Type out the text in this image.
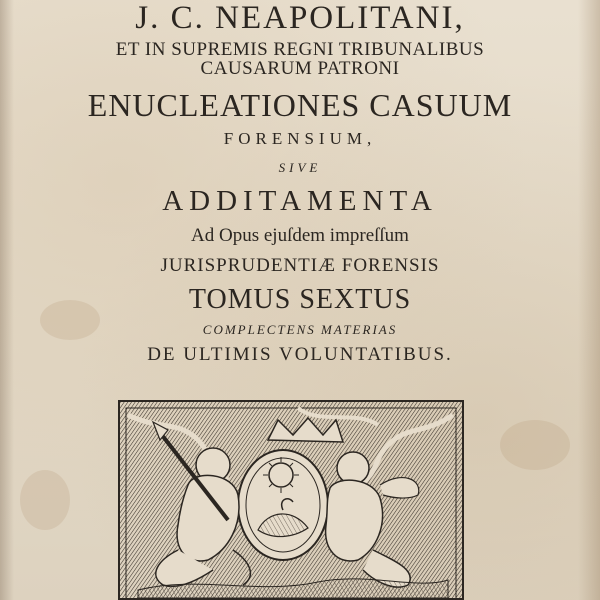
J. C. NEAPOLITANI,
ET IN SUPREMIS REGNI TRIBUNALIBUS
CAUSARUM PATRONI
ENUCLEATIONES CASUUM
FORENSIUM,
SIVE
ADDITAMENTA
Ad Opus ejuſdem impreſſum
JURISPRUDENTIÆ FORENSIS
TOMUS SEXTUS
COMPLECTENS MATERIAS
DE ULTIMIS VOLUNTATIBUS.
